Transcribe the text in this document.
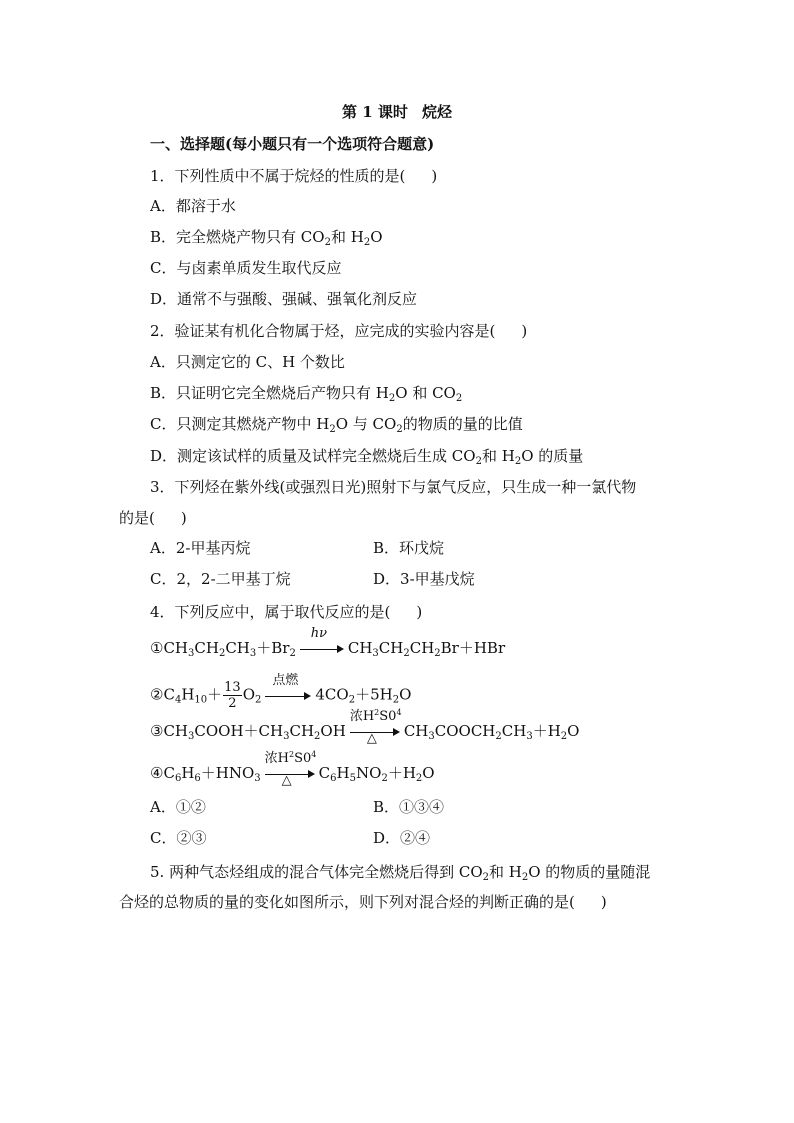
第 1 课时 烷烃
一、选择题(每小题只有一个选项符合题意)
1．下列性质中不属于烷烃的性质的是( )
A．都溶于水
B．完全燃烧产物只有 $CO_2$和 $H_2O$
C．与卤素单质发生取代反应
D．通常不与强酸、强碱、强氧化剂反应
2．验证某有机化合物属于烃，应完成的实验内容是( )
A．只测定它的 C、H 个数比
B．只证明它完全燃烧后产物只有 $H_2O$ 和 $CO_2$
C．只测定其燃烧产物中 $H_2O$ 与 $CO_2$的物质的量的比值
D．测定该试样的质量及试样完全燃烧后生成 $CO_2$和 $H_2O$ 的质量
3．下列烃在紫外线(或强烈日光)照射下与氯气反应，只生成一种一氯代物
的是( )
A．2-甲基丙烷	B．环戊烷
C．2，2-二甲基丁烷	D．3-甲基戊烷
4．下列反应中，属于取代反应的是( )
$①CH_3CH_2CH_3+Br_2$
hν
$CH_3CH_2CH_2Br+HBr$
$②C_4H_{10}+ \frac{13}{2} O_2$
点燃
$4CO_2+5H_2O$
$③CH_3COOH+CH_3CH_2OH$
浓$H^2S0^4$
△	$CH_3COOCH_2CH_3+H_2O$
$④C_6H_6+HNO_3$
浓$H^2S0^4$
△	$C_6H_5NO_2+H_2O$
A．①②	B．①③④
C．②③	D．②④
5. 两种气态烃组成的混合气体完全燃烧后得到 $CO_2$和 $H_2O$ 的物质的量随混
合烃的总物质的量的变化如图所示，则下列对混合烃的判断正确的是( )
